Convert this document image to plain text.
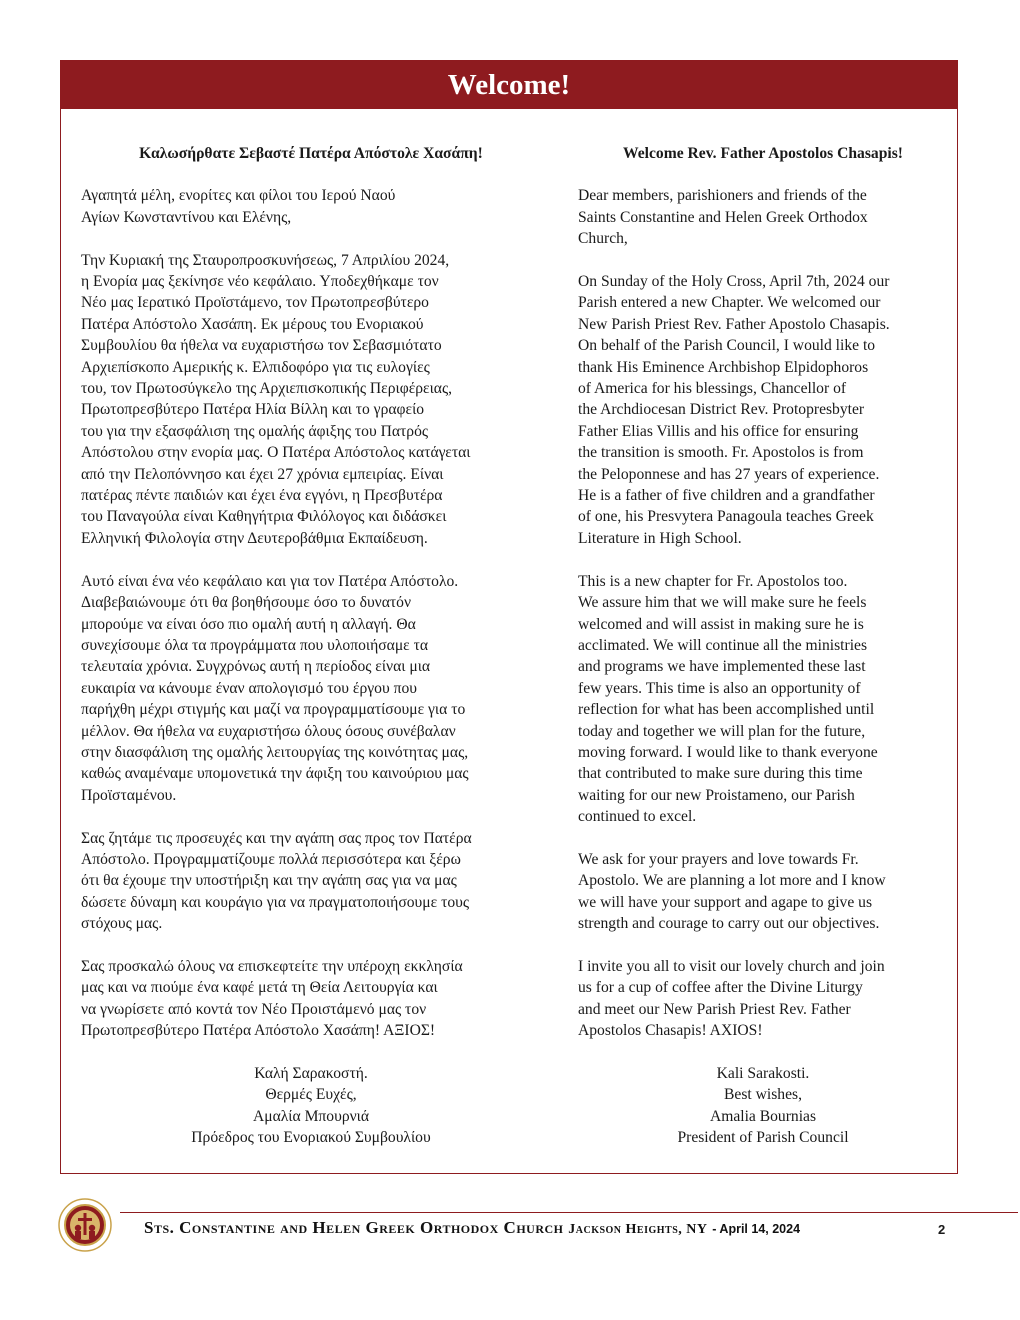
Welcome!
Καλωσήρθατε Σεβαστέ Πατέρα Απόστολε Χασάπη!

Αγαπητά μέλη, ενορίτες και φίλοι του Ιερού Ναού
Αγίων Κωνσταντίνου και Ελένης,

Την Κυριακή της Σταυροπροσκυνήσεως, 7 Απριλίου 2024,
η Ενορία μας ξεκίνησε νέο κεφάλαιο. Υποδεχθήκαμε τον
Νέο μας Ιερατικό Προϊστάμενο, τον Πρωτοπρεσβύτερο
Πατέρα Απόστολο Χασάπη. Εκ μέρους του Ενοριακού
Συμβουλίου θα ήθελα να ευχαριστήσω τον Σεβασμιότατο
Αρχιεπίσκοπο Αμερικής κ. Ελπιδοφόρο για τις ευλογίες
του, τον Πρωτοσύγκελο της Αρχιεπισκοπικής Περιφέρειας,
Πρωτοπρεσβύτερο Πατέρα Ηλία Βίλλη και το γραφείο
του για την εξασφάλιση της ομαλής άφιξης του Πατρός
Απόστολου στην ενορία μας. Ο Πατέρα Απόστολος κατάγεται
από την Πελοπόννησο και έχει 27 χρόνια εμπειρίας. Είναι
πατέρας πέντε παιδιών και έχει ένα εγγόνι, η Πρεσβυτέρα
του Παναγούλα είναι Καθηγήτρια Φιλόλογος και διδάσκει
Ελληνική Φιλολογία στην Δευτεροβάθμια Εκπαίδευση.

Αυτό είναι ένα νέο κεφάλαιο και για τον Πατέρα Απόστολο.
Διαβεβαιώνουμε ότι θα βοηθήσουμε όσο το δυνατόν
μπορούμε να είναι όσο πιο ομαλή αυτή η αλλαγή. Θα
συνεχίσουμε όλα τα προγράμματα που υλοποιήσαμε τα
τελευταία χρόνια. Συγχρόνως αυτή η περίοδος είναι μια
ευκαιρία να κάνουμε έναν απολογισμό του έργου που
παρήχθη μέχρι στιγμής και μαζί να προγραμματίσουμε για το
μέλλον. Θα ήθελα να ευχαριστήσω όλους όσους συνέβαλαν
στην διασφάλιση της ομαλής λειτουργίας της κοινότητας μας,
καθώς αναμέναμε υπομονετικά την άφιξη του καινούριου μας
Προϊσταμένου.

Σας ζητάμε τις προσευχές και την αγάπη σας προς τον Πατέρα
Απόστολο. Προγραμματίζουμε πολλά περισσότερα και ξέρω
ότι θα έχουμε την υποστήριξη και την αγάπη σας για να μας
δώσετε δύναμη και κουράγιο για να πραγματοποιήσουμε τους
στόχους μας.

Σας προσκαλώ όλους να επισκεφτείτε την υπέροχη εκκλησία
μας και να πιούμε ένα καφέ μετά τη Θεία Λειτουργία και
να γνωρίσετε από κοντά τον Νέο Προιστάμενό μας τον
Πρωτοπρεσβύτερο Πατέρα Απόστολο Χασάπη! ΑΞΙΟΣ!

Καλή Σαρακοστή.
Θερμές Ευχές,
Αμαλία Μπουρνιά
Πρόεδρος του Ενοριακού Συμβουλίου
Welcome Rev. Father Apostolos Chasapis!

Dear members, parishioners and friends of the
Saints Constantine and Helen Greek Orthodox
Church,

On Sunday of the Holy Cross, April 7th, 2024 our
Parish entered a new Chapter. We welcomed our
New Parish Priest Rev. Father Apostolo Chasapis.
On behalf of the Parish Council, I would like to
thank His Eminence Archbishop Elpidophoros
of America for his blessings, Chancellor of
the Archdiocesan District Rev. Protopresbyter
Father Elias Villis and his office for ensuring
the transition is smooth. Fr. Apostolos is from
the Peloponnese and has 27 years of experience.
He is a father of five children and a grandfather
of one, his Presvytera Panagoula teaches Greek
Literature in High School.

This is a new chapter for Fr. Apostolos too.
We assure him that we will make sure he feels
welcomed and will assist in making sure he is
acclimated. We will continue all the ministries
and programs we have implemented these last
few years. This time is also an opportunity of
reflection for what has been accomplished until
today and together we will plan for the future,
moving forward. I would like to thank everyone
that contributed to make sure during this time
waiting for our new Proistameno, our Parish
continued to excel.

We ask for your prayers and love towards Fr.
Apostolo. We are planning a lot more and I know
we will have your support and agape to give us
strength and courage to carry out our objectives.

I invite you all to visit our lovely church and join
us for a cup of coffee after the Divine Liturgy
and meet our New Parish Priest Rev. Father
Apostolos Chasapis! AXIOS!

Kali Sarakosti.
Best wishes,
Amalia Bournias
President of Parish Council
Sts. Constantine and Helen Greek Orthodox Church Jackson Heights, NY - April 14, 2024	2
